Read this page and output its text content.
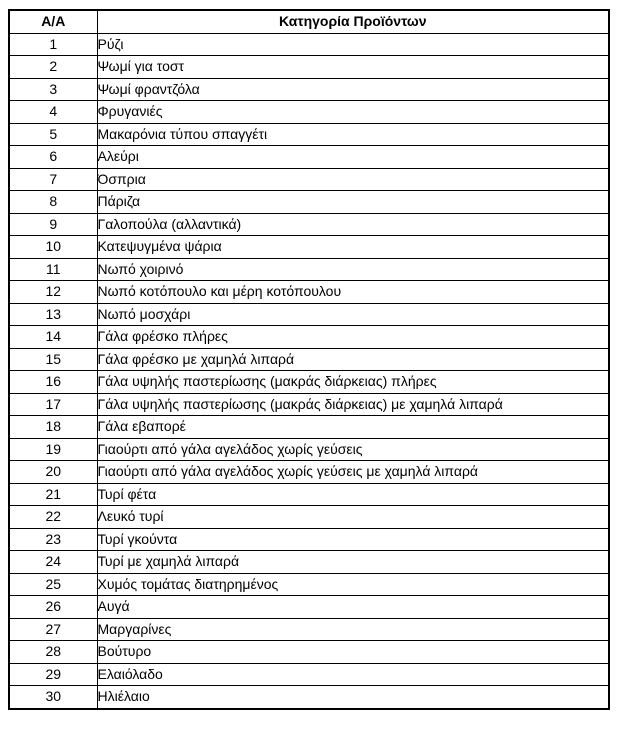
Α/Α	Κατηγορία Προϊόντων
1	Ρύζι
2	Ψωμί για τοστ
3	Ψωμί φραντζόλα
4	Φρυγανιές
5	Μακαρόνια τύπου σπαγγέτι
6	Αλεύρι
7	Όσπρια
8	Πάριζα
9	Γαλοπούλα (αλλαντικά)
10	Κατεψυγμένα ψάρια
11	Νωπό χοιρινό
12	Νωπό κοτόπουλο και μέρη κοτόπουλου
13	Νωπό μοσχάρι
14	Γάλα φρέσκο πλήρες
15	Γάλα φρέσκο με χαμηλά λιπαρά
16	Γάλα υψηλής παστερίωσης (μακράς διάρκειας) πλήρες
17	Γάλα υψηλής παστερίωσης (μακράς διάρκειας) με χαμηλά λιπαρά
18	Γάλα εβαπορέ
19	Γιαούρτι από γάλα αγελάδος χωρίς γεύσεις
20	Γιαούρτι από γάλα αγελάδος χωρίς γεύσεις με χαμηλά λιπαρά
21	Τυρί φέτα
22	Λευκό τυρί
23	Τυρί γκούντα
24	Τυρί με χαμηλά λιπαρά
25	Χυμός τομάτας διατηρημένος
26	Αυγά
27	Μαργαρίνες
28	Βούτυρο
29	Ελαιόλαδο
30	Ηλιέλαιο
